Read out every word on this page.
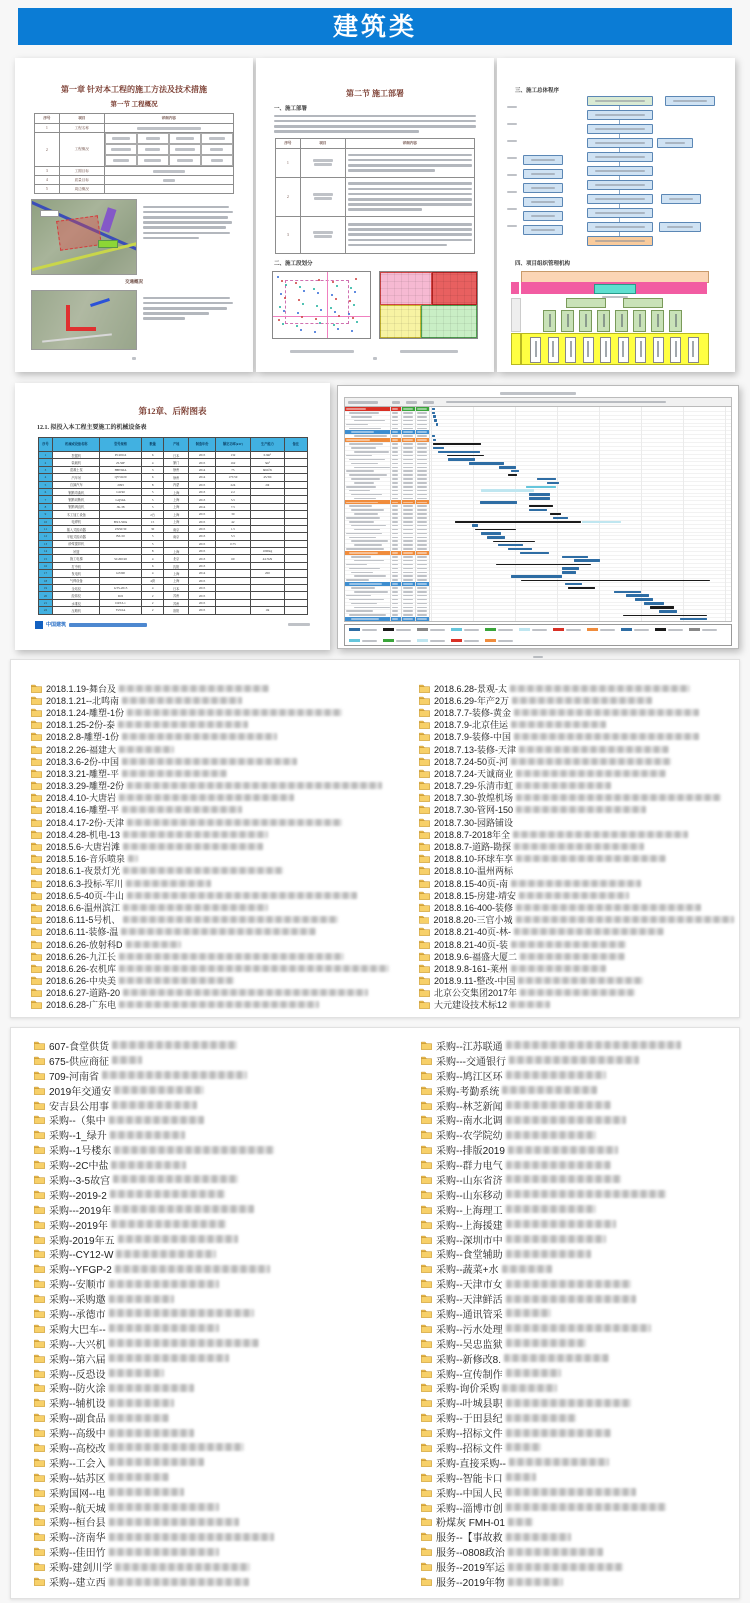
建筑类
第一章 针对本工程的施工方法及技术措施
第一节 工程概况
序号	项目	详细内容
1	工程名称	
2	工程概况	

3	工期目标	
4	质量目标	
5	周边概况	
交通概况
第二节 施工部署
一、施工部署
序号	项目	详细内容
1	

2	

3	

二、施工段划分
三、施工总体程序
四、项目组织管理机构
第12章、后附图表
12.1. 拟投入本工程主要施工的机械设备表
序号	机械或设备名称	型号规格	数量	产地	制造年份	额定功率(kW)	生产能力	备注
1	挖掘机	PC200-6	6	日本	2015	132	0.9m³	
2	装载机	ZL50F	4	厦门	2015	162	3m³	
3	混凝土泵	HBT60A	3	徐州	2014	75	60m³/h	
4	汽车吊	QY50/20	6	徐州	2014	175/50	45/30t	
5	自卸汽车	2093	8	内蒙	2015	224	20t	
6	钢筋弯曲机	GW40	5	上海	2013	2.2		
7	钢筋切断机	GQ50A	5	上海	2013	5.5		
8	钢筋调直机	JK-38	5	上海	2014	7.5		
9	木工加工设备		2台	上海	2015	30		
10	电焊机	BX3-500a	15	上海	2015	42		
11	插入式振动器	ZX50/30	30	南京	2015	1.5		
12	平板式振动器	BZ-50	5	南京	2013	5.5		
13	砂浆搅拌机		5		2015	0.75		
14	吊篮		8	上海	2015		1000kg	
15	施工电梯	SC200/20	4	北京	2013	60	44.7kN	
16	打夯机		6	沈阳	2013			
17	发电机	GF200	4	上海	2014		200	
18	气焊设备		4套	上海	2015			
19	全站仪	GTS-2015	4	日本	2015			
20	经纬仪	DJ2	2	苏州	2015			
21	水准仪	DZS3-1	2	苏州	2015			
22	压路机	YZ16A	2	洛阳	2015		16t	
中国建筑
2018.1.19-舞台及
2018.1.21--北鸣南
2018.1.24-雕塑-1份
2018.1.25-2份-泰
2018.2.8-雕塑-1份
2018.2.26-福建大
2018.3.6-2份-中国
2018.3.21-雕塑-平
2018.3.29-雕塑-2份
2018.4.10-大唐岩
2018.4.16-雕塑-平
2018.4.17-2份-天津
2018.4.28-机电-13
2018.5.6-大唐岩滩
2018.5.16-音乐喷泉
2018.6.1-夜景灯光
2018.6.3-投标-军川
2018.6.5-40页-牛山
2018.6.6-温州滨江
2018.6.11-5号机、
2018.6.11-装修-温
2018.6.26-放射科D
2018.6.26-九江长
2018.6.26-农机库
2018.6.26-中央美
2018.6.27-道路-20
2018.6.28-广东电
2018.6.28-景观-太
2018.6.29-年产2万
2018.7.7-装修-黄金
2018.7.9-北京佳运
2018.7.9-装修-中国
2018.7.13-装修-天津
2018.7.24-50页-河
2018.7.24-天诚商业
2018.7.29-乐清市虹
2018.7.30-敦煌机场
2018.7.30-管网-150
2018.7.30-园路铺设
2018.8.7-2018年全
2018.8.7-道路-勘探
2018.8.10-环球车享
2018.8.10-温州两标
2018.8.15-40页-南
2018.8.15-房建-靖安
2018.8.16-400-装修
2018.8.20-三官小城
2018.8.21-40页-林-
2018.8.21-40页-装
2018.9.6-福盛大厦二
2018.9.8-161-莱州
2018.9.11-整改-中国
北京公交集团2017年
大元建设技术标12
607-食堂供货
675-供应商征
709-河南省
2019年交通安
安吉县公用事
采购--（集中
采购--1_绿升
采购--1号楼东
采购--2C中盐
采购--3-5故宫
采购--2019-2
采购---2019年
采购--2019年
采购-2019年五
采购--CY12-W
采购--YFGP-2
采购--安顺市
采购--采购邀
采购--承德市
采购大巴车--
采购--大兴机
采购--第六届
采购--反恐设
采购--防火涂
采购--辅机设
采购--副食品
采购--高级中
采购--高校改
采购--工会入
采购--姑苏区
采购国网--电
采购--航天城
采购--桓台县
采购--济南华
采购--佳田竹
采购-建剑川学
采购--建立西
采购--江苏联通
采购---交通银行
采购--鸠江区环
采购-考勤系统
采购--林芝新闻
采购--南水北调
采购--农学院幼
采购--排版2019
采购--群力电气
采购--山东省济
采购--山东移动
采购--上海理工
采购--上海援建
采购--深圳市中
采购--食堂辅助
采购--蔬菜+水
采购--天津市女
采购--天津鲜活
采购--通讯管采
采购--污水处理
采购--吴忠监狱
采购--新修改8.
采购--宣传制作
采购-询价采购
采购--叶城县职
采购--于田县纪
采购--招标文件
采购--招标文件
采购-直接采购--
采购--智能卡口
采购--中国人民
采购--淄博市创
粉煤灰 FMH-01
服务--【事故救
服务--0808政治
服务--2019军运
服务--2019年物
